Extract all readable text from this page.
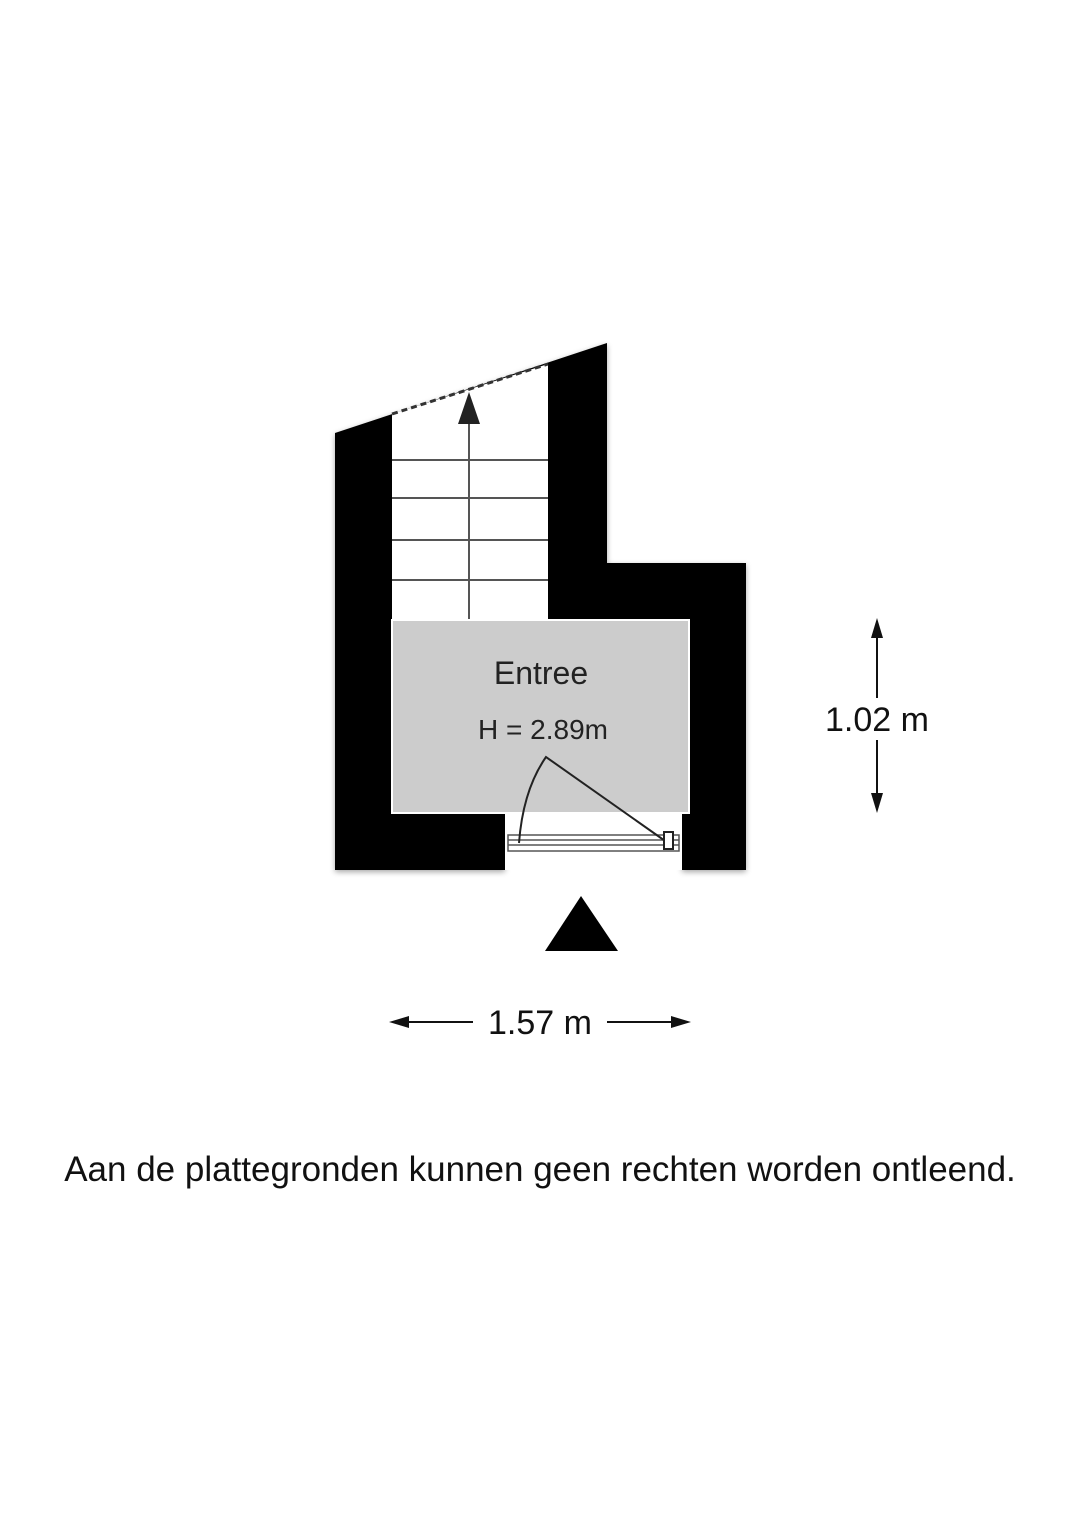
Entree
H = 2.89m	1.02 m
1.57 m
Aan de plattegronden kunnen geen rechten worden ontleend.
